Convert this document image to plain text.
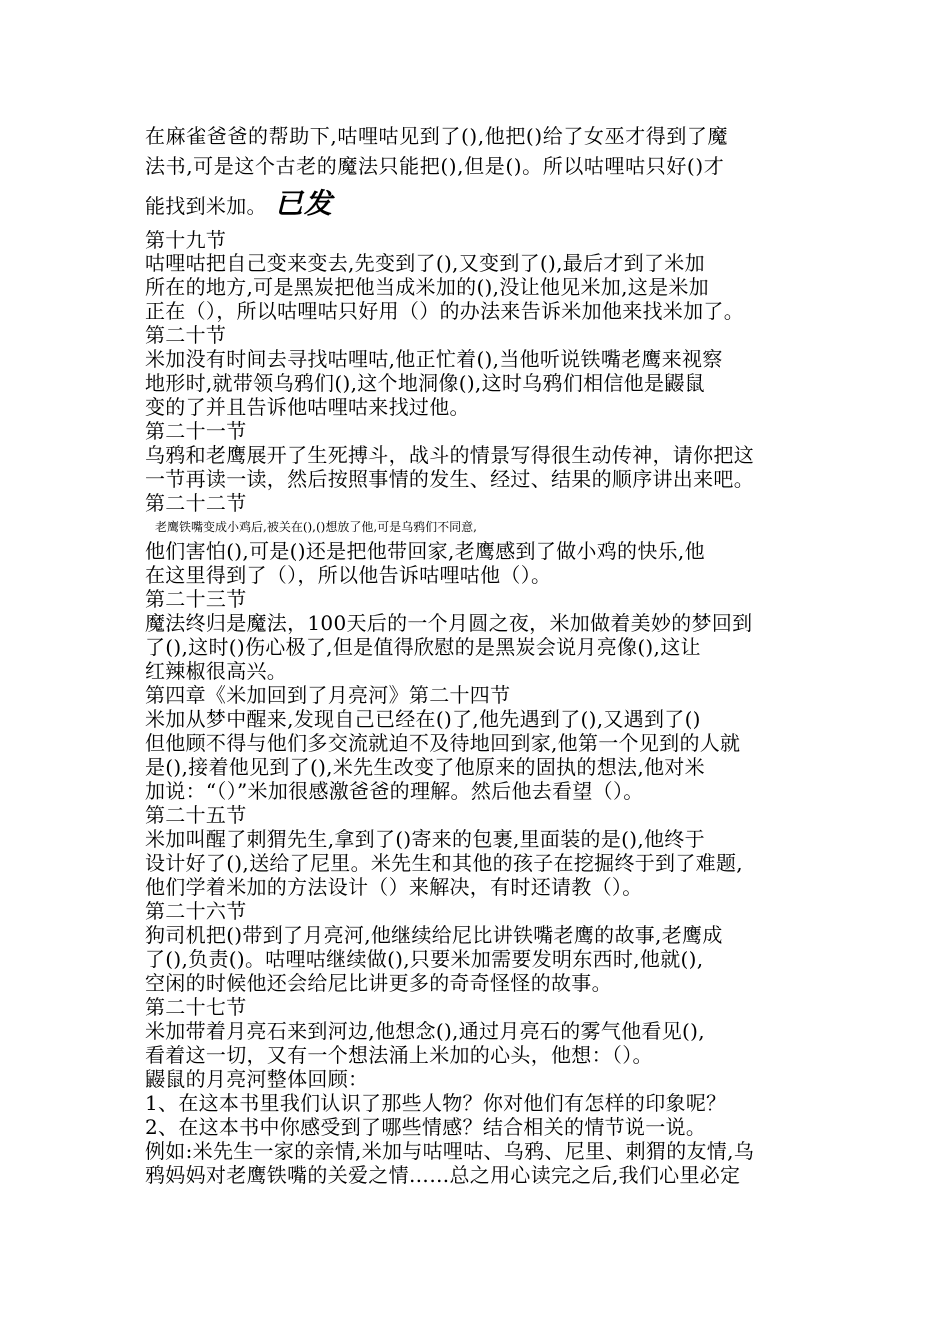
在麻雀爸爸的帮助下,咕哩咕见到了(),他把()给了女巫才得到了魔
法书,可是这个古老的魔法只能把(),但是()。所以咕哩咕只好()才
能找到米加。 已发
第十九节
咕哩咕把自己变来变去,先变到了(),又变到了(),最后才到了米加
所在的地方,可是黑炭把他当成米加的(),没让他见米加,这是米加
正在（），所以咕哩咕只好用（）的办法来告诉米加他来找米加了。
第二十节
米加没有时间去寻找咕哩咕,他正忙着(),当他听说铁嘴老鹰来视察
地形时,就带领乌鸦们(),这个地洞像(),这时乌鸦们相信他是鼹鼠
变的了并且告诉他咕哩咕来找过他。
第二十一节
乌鸦和老鹰展开了生死搏斗，战斗的情景写得很生动传神，请你把这
一节再读一读，然后按照事情的发生、经过、结果的顺序讲出来吧。
第二十二节
老鹰铁嘴变成小鸡后,被关在(),()想放了他,可是乌鸦们不同意,
他们害怕(),可是()还是把他带回家,老鹰感到了做小鸡的快乐,他
在这里得到了（），所以他告诉咕哩咕他（）。
第二十三节
魔法终归是魔法，100天后的一个月圆之夜，米加做着美妙的梦回到
了(),这时()伤心极了,但是值得欣慰的是黑炭会说月亮像(),这让
红辣椒很高兴。
第四章《米加回到了月亮河》第二十四节
米加从梦中醒来,发现自己已经在()了,他先遇到了(),又遇到了()
但他顾不得与他们多交流就迫不及待地回到家,他第一个见到的人就
是(),接着他见到了(),米先生改变了他原来的固执的想法,他对米
加说：“（）”米加很感激爸爸的理解。然后他去看望（）。
第二十五节
米加叫醒了刺猬先生,拿到了()寄来的包裹,里面装的是(),他终于
设计好了(),送给了尼里。米先生和其他的孩子在挖掘终于到了难题,
他们学着米加的方法设计（）来解决，有时还请教（）。
第二十六节
狗司机把()带到了月亮河,他继续给尼比讲铁嘴老鹰的故事,老鹰成
了(),负责()。咕哩咕继续做(),只要米加需要发明东西时,他就(),
空闲的时候他还会给尼比讲更多的奇奇怪怪的故事。
第二十七节
米加带着月亮石来到河边,他想念(),通过月亮石的雾气他看见(),
看着这一切，又有一个想法涌上米加的心头，他想：（）。
鼹鼠的月亮河整体回顾：
1、在这本书里我们认识了那些人物？你对他们有怎样的印象呢？
2、在这本书中你感受到了哪些情感？结合相关的情节说一说。
例如:米先生一家的亲情,米加与咕哩咕、乌鸦、尼里、刺猬的友情,乌
鸦妈妈对老鹰铁嘴的关爱之情……总之用心读完之后,我们心里必定
